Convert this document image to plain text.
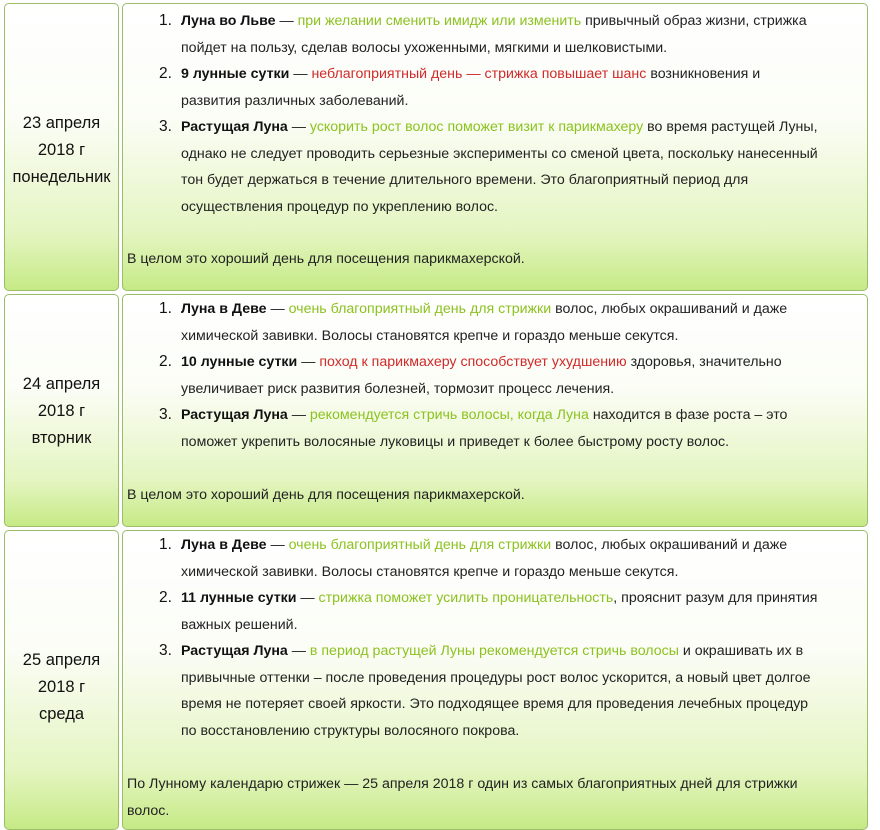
23 апреля
2018 г
понедельник
1. Луна во Льве — при желании сменить имидж или изменить привычный образ жизни, стрижка
пойдет на пользу, сделав волосы ухоженными, мягкими и шелковистыми.
2. 9 лунные сутки — неблагоприятный день — стрижка повышает шанс возникновения и
развития различных заболеваний.
3. Растущая Луна — ускорить рост волос поможет визит к парикмахеру во время растущей Луны,
однако не следует проводить серьезные эксперименты со сменой цвета, поскольку нанесенный
тон будет держаться в течение длительного времени. Это благоприятный период для
осуществления процедур по укреплению волос.
В целом это хороший день для посещения парикмахерской.
24 апреля
2018 г
вторник
1. Луна в Деве — очень благоприятный день для стрижки волос, любых окрашиваний и даже
химической завивки. Волосы становятся крепче и гораздо меньше секутся.
2. 10 лунные сутки — поход к парикмахеру способствует ухудшению здоровья, значительно
увеличивает риск развития болезней, тормозит процесс лечения.
3. Растущая Луна — рекомендуется стричь волосы, когда Луна находится в фазе роста – это
поможет укрепить волосяные луковицы и приведет к более быстрому росту волос.
В целом это хороший день для посещения парикмахерской.
25 апреля
2018 г
среда
1. Луна в Деве — очень благоприятный день для стрижки волос, любых окрашиваний и даже
химической завивки. Волосы становятся крепче и гораздо меньше секутся.
2. 11 лунные сутки — стрижка поможет усилить проницательность, прояснит разум для принятия
важных решений.
3. Растущая Луна — в период растущей Луны рекомендуется стричь волосы и окрашивать их в
привычные оттенки – после проведения процедуры рост волос ускорится, а новый цвет долгое
время не потеряет своей яркости. Это подходящее время для проведения лечебных процедур
по восстановлению структуры волосяного покрова.
По Лунному календарю стрижек — 25 апреля 2018 г один из самых благоприятных дней для стрижки
волос.
